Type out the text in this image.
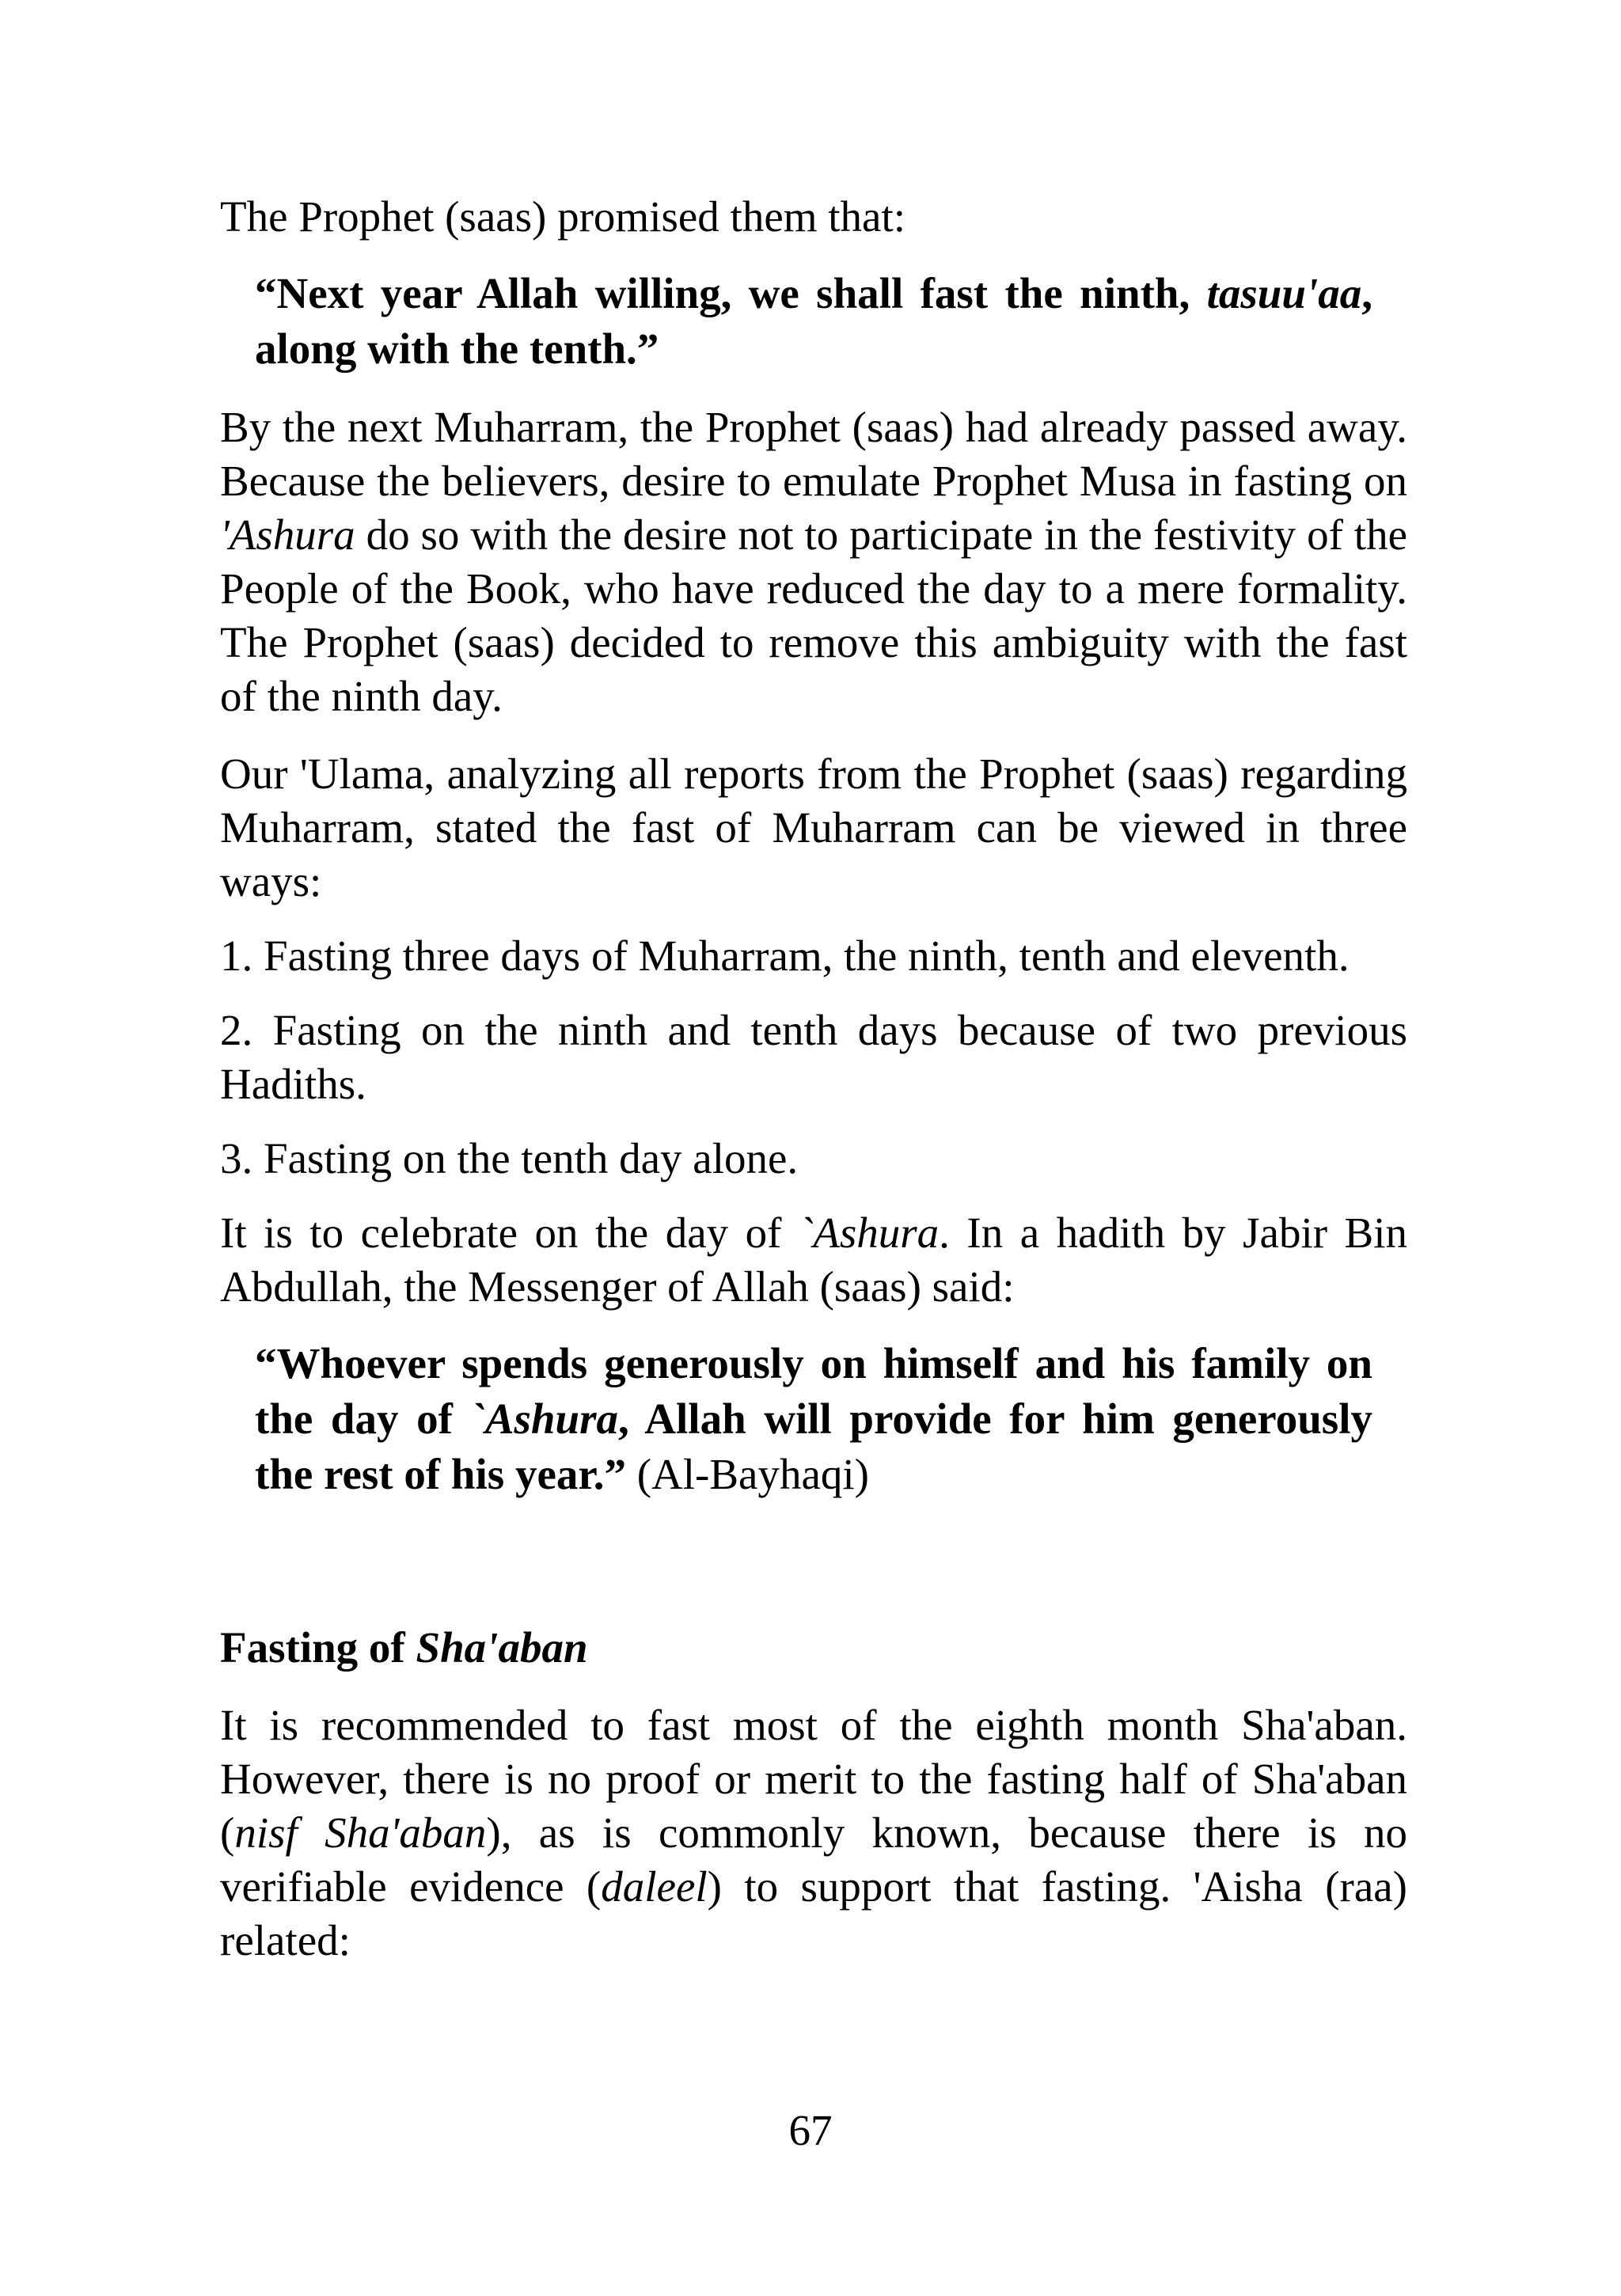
The Prophet (saas) promised them that:

“Next year Allah willing, we shall fast the ninth, tasuu'aa, along with the tenth.”

By the next Muharram, the Prophet (saas) had already passed away. Because the believers, desire to emulate Prophet Musa in fasting on 'Ashura do so with the desire not to participate in the festivity of the People of the Book, who have reduced the day to a mere formality. The Prophet (saas) decided to remove this ambiguity with the fast of the ninth day.

Our 'Ulama, analyzing all reports from the Prophet (saas) regarding Muharram, stated the fast of Muharram can be viewed in three ways:

1. Fasting three days of Muharram, the ninth, tenth and eleventh.

2. Fasting on the ninth and tenth days because of two previous Hadiths.

3. Fasting on the tenth day alone.

It is to celebrate on the day of `Ashura. In a hadith by Jabir Bin Abdullah, the Messenger of Allah (saas) said:

“Whoever spends generously on himself and his family on the day of `Ashura, Allah will provide for him generously the rest of his year.” (Al-Bayhaqi)

Fasting of Sha'aban

It is recommended to fast most of the eighth month Sha'aban. However, there is no proof or merit to the fasting half of Sha'aban (nisf Sha'aban), as is commonly known, because there is no verifiable evidence (daleel) to support that fasting. 'Aisha (raa) related:

67
